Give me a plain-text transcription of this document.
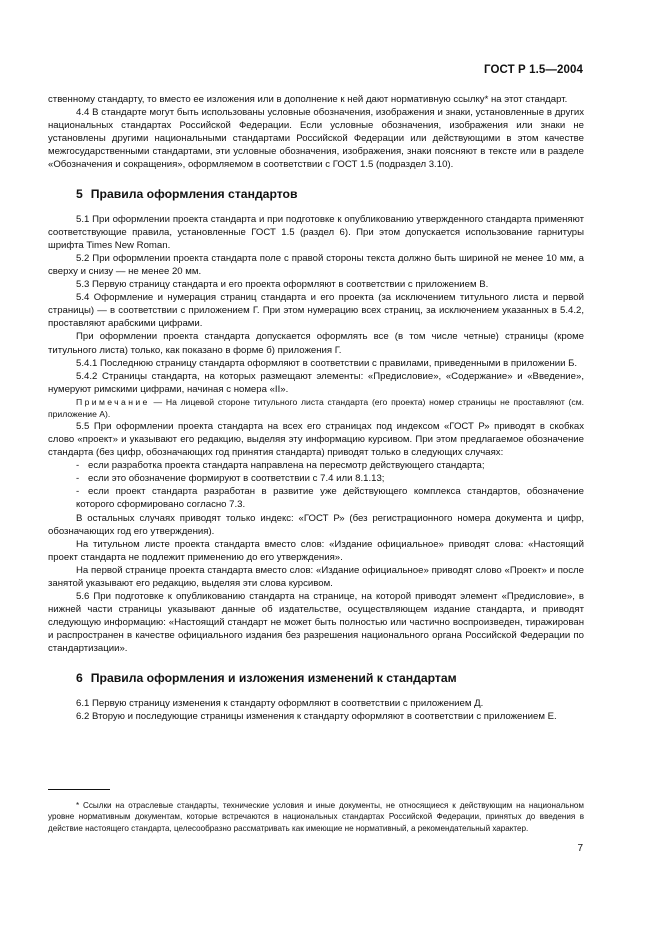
ГОСТ Р 1.5—2004

ственному стандарту, то вместо ее изложения или в дополнение к ней дают нормативную ссылку* на этот стандарт.

4.4 В стандарте могут быть использованы условные обозначения, изображения и знаки, установленные в других национальных стандартах Российской Федерации. Если условные обозначения, изображения или знаки не установлены другими национальными стандартами Российской Федерации или действующими в этом качестве межгосударственными стандартами, эти условные обозначения, изображения, знаки поясняют в тексте или в разделе «Обозначения и сокращения», оформляемом в соответствии с ГОСТ 1.5 (подраздел 3.10).

5 Правила оформления стандартов

5.1 При оформлении проекта стандарта и при подготовке к опубликованию утвержденного стандарта применяют соответствующие правила, установленные ГОСТ 1.5 (раздел 6). При этом допускается использование гарнитуры шрифта Times New Roman.

5.2 При оформлении проекта стандарта поле с правой стороны текста должно быть шириной не менее 10 мм, а сверху и снизу — не менее 20 мм.

5.3 Первую страницу стандарта и его проекта оформляют в соответствии с приложением В.

5.4 Оформление и нумерация страниц стандарта и его проекта (за исключением титульного листа и первой страницы) — в соответствии с приложением Г. При этом нумерацию всех страниц, за исключением указанных в 5.4.2, проставляют арабскими цифрами.

При оформлении проекта стандарта допускается оформлять все (в том числе четные) страницы (кроме титульного листа) только, как показано в форме б) приложения Г.

5.4.1 Последнюю страницу стандарта оформляют в соответствии с правилами, приведенными в приложении Б.

5.4.2 Страницы стандарта, на которых размещают элементы: «Предисловие», «Содержание» и «Введение», нумеруют римскими цифрами, начиная с номера «II».

Примечание — На лицевой стороне титульного листа стандарта (его проекта) номер страницы не проставляют (см. приложение А).

5.5 При оформлении проекта стандарта на всех его страницах под индексом «ГОСТ Р» приводят в скобках слово «проект» и указывают его редакцию, выделяя эту информацию курсивом. При этом предлагаемое обозначение стандарта (без цифр, обозначающих год принятия стандарта) приводят только в следующих случаях:

- если разработка проекта стандарта направлена на пересмотр действующего стандарта;

- если это обозначение формируют в соответствии с 7.4 или 8.1.13;

- если проект стандарта разработан в развитие уже действующего комплекса стандартов, обозначение которого сформировано согласно 7.3.

В остальных случаях приводят только индекс: «ГОСТ Р» (без регистрационного номера документа и цифр, обозначающих год его утверждения).

На титульном листе проекта стандарта вместо слов: «Издание официальное» приводят слова: «Настоящий проект стандарта не подлежит применению до его утверждения».

На первой странице проекта стандарта вместо слов: «Издание официальное» приводят слово «Проект» и после занятой указывают его редакцию, выделяя эти слова курсивом.

5.6 При подготовке к опубликованию стандарта на странице, на которой приводят элемент «Предисловие», в нижней части страницы указывают данные об издательстве, осуществляющем издание стандарта, и приводят следующую информацию: «Настоящий стандарт не может быть полностью или частично воспроизведен, тиражирован и распространен в качестве официального издания без разрешения национального органа Российской Федерации по стандартизации».

6 Правила оформления и изложения изменений к стандартам

6.1 Первую страницу изменения к стандарту оформляют в соответствии с приложением Д.

6.2 Вторую и последующие страницы изменения к стандарту оформляют в соответствии с приложением Е.

* Ссылки на отраслевые стандарты, технические условия и иные документы, не относящиеся к действующим на национальном уровне нормативным документам, которые встречаются в национальных стандартах Российской Федерации, принятых до введения в действие настоящего стандарта, целесообразно рассматривать как имеющие не нормативный, а рекомендательный характер.

7
